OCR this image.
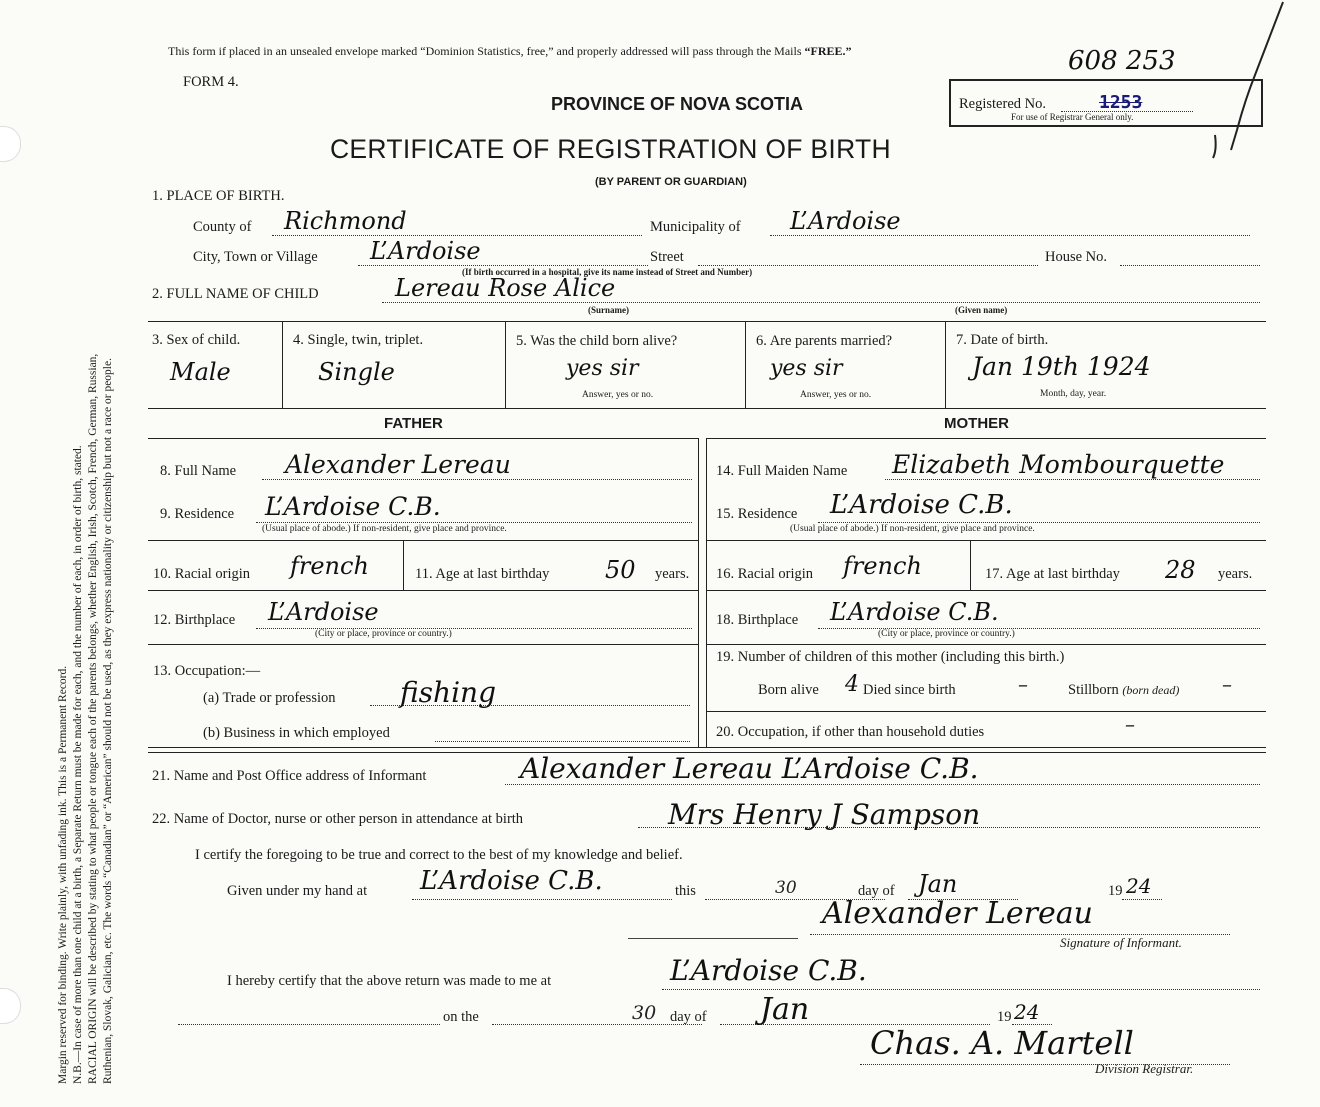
Margin reserved for binding. Write plainly, with unfading ink. This is a Permanent Record. N.B.—In case of more than one child at a birth, a Separate Return must be made for each, and the number of each, in order of birth, stated. RACIAL ORIGIN will be described by stating to what people or tongue each of the parents belongs, whether English, Irish, Scotch, French, German, Russian, Ruthenian, Slovak, Galician, etc. The words “Canadian” or “American” should not be used, as they express nationality or citizenship but not a race or people.
This form if placed in an unsealed envelope marked “Dominion Statistics, free,” and properly addressed will pass through the Mails “FREE.”	608 253
FORM 4.
PROVINCE OF NOVA SCOTIA
CERTIFICATE OF REGISTRATION OF BIRTH
(BY PARENT OR GUARDIAN)
Registered No.	1253
For use of Registrar General only.
1. PLACE OF BIRTH.
County of Richmond	Municipality of L’Ardoise
City, Town or Village L’Ardoise	Street	House No.
(If birth occurred in a hospital, give its name instead of Street and Number)
2. FULL NAME OF CHILD	Lereau Rose Alice
(Surname)	(Given name)
3. Sex of child.
Male
4. Single, twin, triplet.
Single
5. Was the child born alive?
yes sir
Answer, yes or no.
6. Are parents married?
yes sir
Answer, yes or no.
7. Date of birth.
Jan 19th 1924
Month, day, year.
FATHER	MOTHER
8. Full Name Alexander Lereau
9. Residence L’Ardoise C.B.
(Usual place of abode.) If non-resident, give place and province.
10. Racial origin french	11. Age at last birthday 50 years.
12. Birthplace L’Ardoise
(City or place, province or country.)
13. Occupation:—
(a) Trade or profession fishing
(b) Business in which employed
14. Full Maiden Name Elizabeth Mombourquette
15. Residence L’Ardoise C.B.
(Usual place of abode.) If non-resident, give place and province.
16. Racial origin french	17. Age at last birthday 28 years.
18. Birthplace L’Ardoise C.B.
(City or place, province or country.)
19. Number of children of this mother (including this birth.)
Born alive 4 Died since birth	–	Stillborn (born dead) –
20. Occupation, if other than household duties	–
21. Name and Post Office address of Informant	Alexander Lereau L’Ardoise C.B.
22. Name of Doctor, nurse or other person in attendance at birth	Mrs Henry J Sampson
I certify the foregoing to be true and correct to the best of my knowledge and belief.
Given under my hand at L’Ardoise C.B.	this	30	day of Jan	19 24
Alexander Lereau
Signature of Informant.
I hereby certify that the above return was made to me at	L’Ardoise C.B.
on the	30 day of Jan	19 24
Chas. A. Martell
Division Registrar.
